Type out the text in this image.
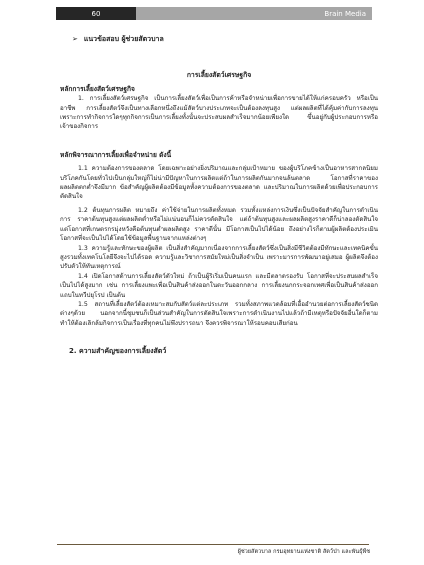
60	Brain Media
➢ แนวข้อสอบ ผู้ช่วยสัตวบาล

การเลี้ยงสัตว์เศรษฐกิจ

หลักการเลี้ยงสัตว์เศรษฐกิจ

1. การเลี้ยงสัตว์เศรษฐกิจ เป็นการเลี้ยงสัตว์เพื่อเป็นการค้าหรือจำหน่ายเพื่อการขายได้ให้แก่ครอบครัว หรือเป็นอาชีพ การเลี้ยงสัตว์จึงเป็นทางเลือกหนึ่งถึงแม้สัตว์บางประเภทจะเป็นต้องลงทุนสูง แต่ผลผลิตที่ได้คุ้มค่ากับการลงทุน เพราะการทำกิจการใดๆทุกกิจการเป็นการเลี้ยงทั้งนั้นจะประสบผลสำเร็จมากน้อยเพียงใด ขึ้นอยู่กับผู้ประกอบการหรือเจ้าของกิจการ

หลักพิจารณาการเลี้ยงเพื่อจำหน่าย ดังนี้

1.1 ความต้องการของตลาด โดยเฉพาะอย่างยิ่งปริมาณและกลุ่มเป้าหมาย ของผู้บริโภคข้างเป็นอาหารสากลนิยมบริโภคกันโดยทั่วไปเป็นกลุ่มใหญ่ก็ไม่น่ามีปัญหาในการผลิตแต่ถ้าในการผลิตกันมากจนล้นตลาด โอกาสที่ราคาของผลผลิตตกต่ำจึงมีมาก ข้อสำคัญผู้ผลิตต้องมีข้อมูลทั้งความต้องการของตลาด และปริมาณในการผลิตด้วยเพื่อประกอบการตัดสินใจ

1.2 ต้นทุนการผลิต หมายถึง ค่าใช้จ่ายในการผลิตทั้งหมด รวมทั้งแหล่งการเงินซึ่งเป็นปัจจัยสำคัญในการดำเนินการ ราคาต้นทุนสูงแต่ผลผลิตต่ำหรือไม่แน่นอนก็ไม่ควรตัดสินใจ แต่ถ้าต้นทุนสูงและผลผลิตสูงราคาดีก็น่าลองตัดสินใจ แต่โอกาสที่เกษตรกรมุ่งหวังคือต้นทุนต่ำผลผลิตสูง ราคาดีนั้น มีโอกาสเป็นไปได้น้อย ถึงอย่างไรก็ตามผู้ผลิตต้องประเมินโอกาสที่จะเป็นไปได้โดยใช้ข้อมูลพื้นฐานจากแหล่งต่างๆ

1.3 ความรู้และทักษะของผู้ผลิต เป็นสิ่งสำคัญมากเนื่องจากการเลี้ยงสัตว์ซึ่งเป็นสิ่งมีชีวิตต้องมีทักษะและเทคนิคขั้นสูงรวมทั้งเทคโนโลยีจึงจะไปได้รอด ความรู้และวิชาการสมัยใหม่เป็นสิ่งจำเป็น เพราะมารการพัฒนาอยู่เสมอ ผู้ผลิตจึงต้องปรับตัวให้ทันเหตุการณ์

1.4 เปิดโอกาสด้านการเลี้ยงสัตว์ตัวใหม่ ถ้าเป็นผู้ริเริ่มเป็นคนแรก และมีตลาดรองรับ โอกาสที่จะประสบผลสำเร็จเป็นไปได้สูงมาก เช่น การเลี้ยงแพะเพื่อเป็นสินค้าส่งออกในตะวันออกกลาง การเลี้ยงนกกระจอกเทศเพื่อเป็นสินค้าส่งออกแถบในทวีปยุโรป เป็นต้น

1.5 สถานที่เลี้ยงสัตว์ต้องเหมาะสมกับสัตว์แต่ละประเภท รวมทั้งสภาพแวดล้อมที่เอื้ออำนวยต่อการเลี้ยงสัตว์ชนิดต่างๆด้วย นอกจากนี้ชุมชนก็เป็นส่วนสำคัญในการตัดสินใจเพราะการดำเนินงานไปแล้วถ้ามีเหตุหรือปัจจัยอื่นใดก็ตามทำให้ต้องเลิกล้มกิจการเป็นเรื่องที่ทุกคนไม่พึงปรารถนา จึงควรพิจารณาให้รอบคอบเสียก่อน

2. ความสำคัญของการเลี้ยงสัตว์

ผู้ช่วยสัตวบาล กรมอุทยานแห่งชาติ สัตว์ป่า และพันธุ์พืช
